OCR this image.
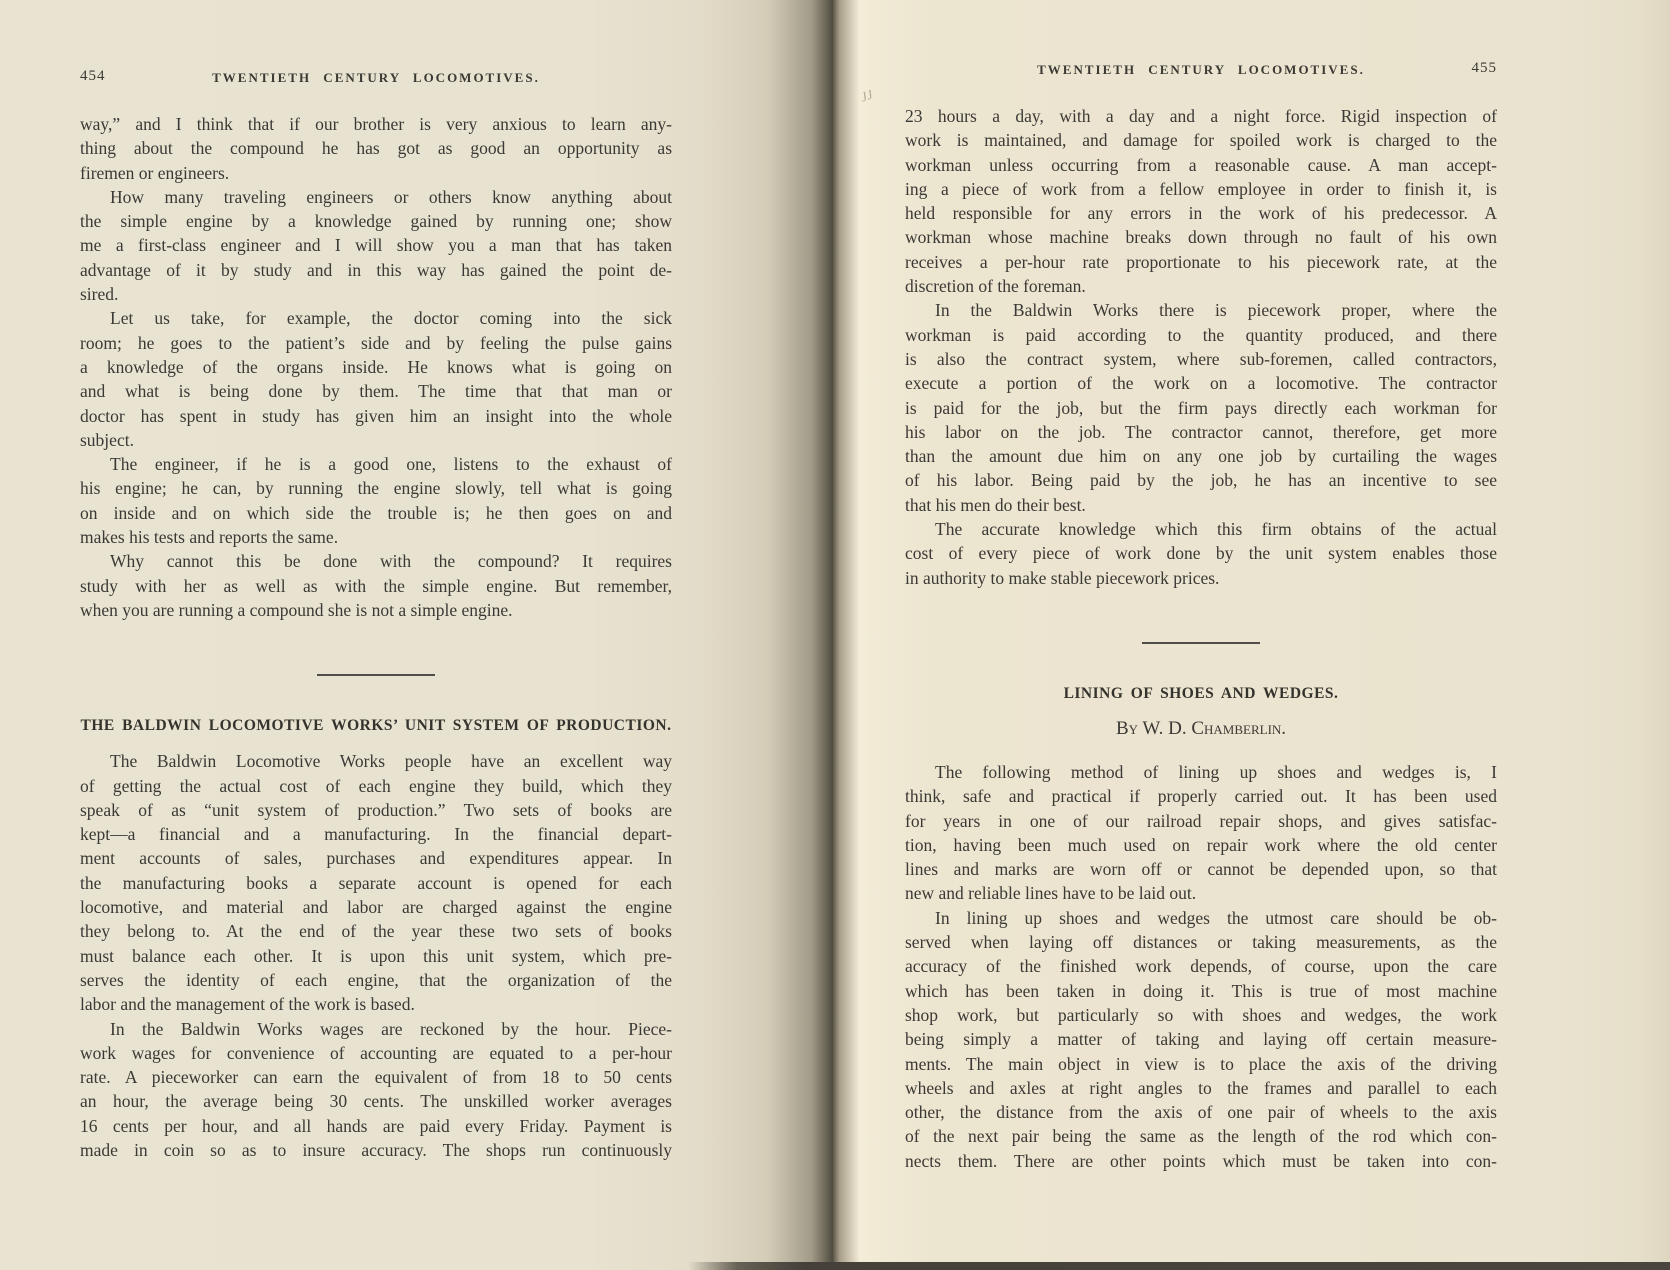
454	TWENTIETH CENTURY LOCOMOTIVES.
way,” and I think that if our brother is very anxious to learn any-
thing about the compound he has got as good an opportunity as
firemen or engineers.
How many traveling engineers or others know anything about
the simple engine by a knowledge gained by running one; show
me a first-class engineer and I will show you a man that has taken
advantage of it by study and in this way has gained the point de-
sired.
Let us take, for example, the doctor coming into the sick
room; he goes to the patient’s side and by feeling the pulse gains
a knowledge of the organs inside. He knows what is going on
and what is being done by them. The time that that man or
doctor has spent in study has given him an insight into the whole
subject.
The engineer, if he is a good one, listens to the exhaust of
his engine; he can, by running the engine slowly, tell what is going
on inside and on which side the trouble is; he then goes on and
makes his tests and reports the same.
Why cannot this be done with the compound? It requires
study with her as well as with the simple engine. But remember,
when you are running a compound she is not a simple engine.
THE BALDWIN LOCOMOTIVE WORKS’ UNIT SYSTEM OF PRODUCTION.
The Baldwin Locomotive Works people have an excellent way
of getting the actual cost of each engine they build, which they
speak of as “unit system of production.” Two sets of books are
kept—a financial and a manufacturing. In the financial depart-
ment accounts of sales, purchases and expenditures appear. In
the manufacturing books a separate account is opened for each
locomotive, and material and labor are charged against the engine
they belong to. At the end of the year these two sets of books
must balance each other. It is upon this unit system, which pre-
serves the identity of each engine, that the organization of the
labor and the management of the work is based.
In the Baldwin Works wages are reckoned by the hour. Piece-
work wages for convenience of accounting are equated to a per-hour
rate. A pieceworker can earn the equivalent of from 18 to 50 cents
an hour, the average being 30 cents. The unskilled worker averages
16 cents per hour, and all hands are paid every Friday. Payment is
made in coin so as to insure accuracy. The shops run continuously
JJ
TWENTIETH CENTURY LOCOMOTIVES.	455
23 hours a day, with a day and a night force. Rigid inspection of
work is maintained, and damage for spoiled work is charged to the
workman unless occurring from a reasonable cause. A man accept-
ing a piece of work from a fellow employee in order to finish it, is
held responsible for any errors in the work of his predecessor. A
workman whose machine breaks down through no fault of his own
receives a per-hour rate proportionate to his piecework rate, at the
discretion of the foreman.
In the Baldwin Works there is piecework proper, where the
workman is paid according to the quantity produced, and there
is also the contract system, where sub-foremen, called contractors,
execute a portion of the work on a locomotive. The contractor
is paid for the job, but the firm pays directly each workman for
his labor on the job. The contractor cannot, therefore, get more
than the amount due him on any one job by curtailing the wages
of his labor. Being paid by the job, he has an incentive to see
that his men do their best.
The accurate knowledge which this firm obtains of the actual
cost of every piece of work done by the unit system enables those
in authority to make stable piecework prices.
LINING OF SHOES AND WEDGES.
By W. D. Chamberlin.
The following method of lining up shoes and wedges is, I
think, safe and practical if properly carried out. It has been used
for years in one of our railroad repair shops, and gives satisfac-
tion, having been much used on repair work where the old center
lines and marks are worn off or cannot be depended upon, so that
new and reliable lines have to be laid out.
In lining up shoes and wedges the utmost care should be ob-
served when laying off distances or taking measurements, as the
accuracy of the finished work depends, of course, upon the care
which has been taken in doing it. This is true of most machine
shop work, but particularly so with shoes and wedges, the work
being simply a matter of taking and laying off certain measure-
ments. The main object in view is to place the axis of the driving
wheels and axles at right angles to the frames and parallel to each
other, the distance from the axis of one pair of wheels to the axis
of the next pair being the same as the length of the rod which con-
nects them. There are other points which must be taken into con-
